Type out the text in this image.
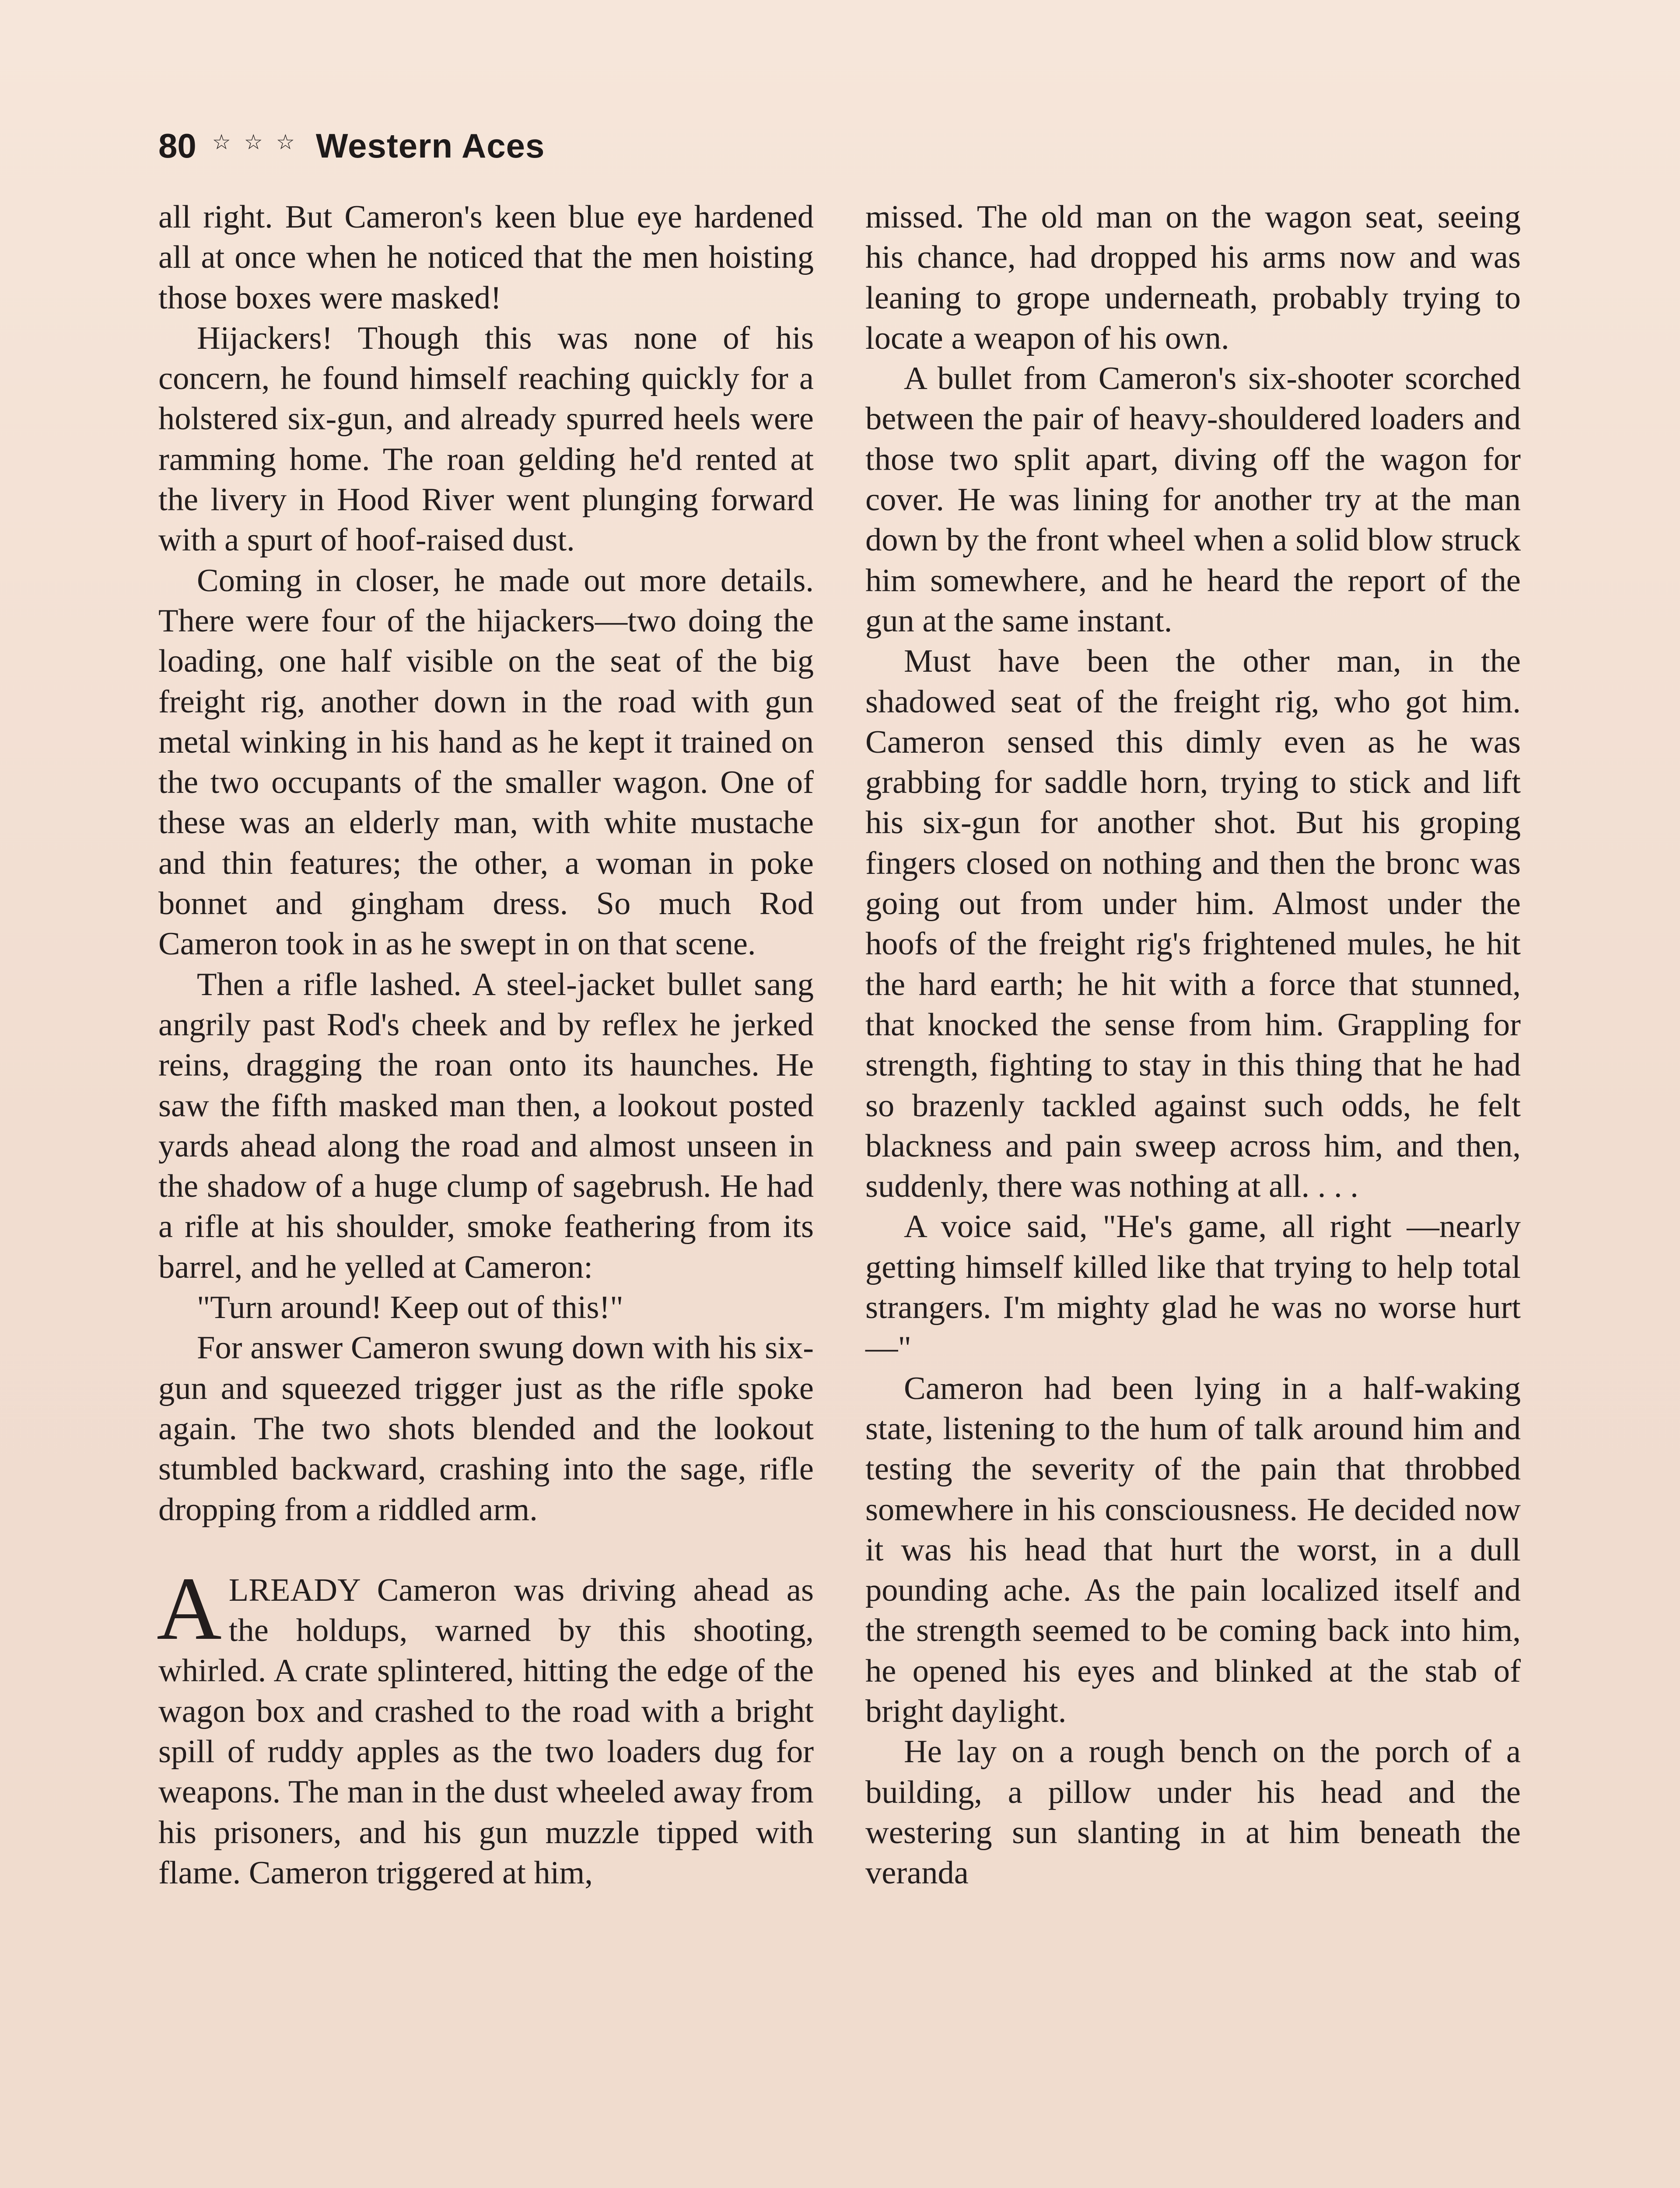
80 ☆ ☆ ☆ Western Aces

all right. But Cameron's keen blue eye hardened all at once when he noticed that the men hoisting those boxes were masked!

Hijackers! Though this was none of his concern, he found himself reaching quickly for a holstered six-gun, and already spurred heels were ramming home. The roan gelding he'd rented at the livery in Hood River went plunging forward with a spurt of hoof-raised dust.

Coming in closer, he made out more details. There were four of the hijackers—two doing the loading, one half visible on the seat of the big freight rig, another down in the road with gun metal winking in his hand as he kept it trained on the two occupants of the smaller wagon. One of these was an elderly man, with white mustache and thin features; the other, a woman in poke bonnet and gingham dress. So much Rod Cameron took in as he swept in on that scene.

Then a rifle lashed. A steel-jacket bullet sang angrily past Rod's cheek and by reflex he jerked reins, dragging the roan onto its haunches. He saw the fifth masked man then, a lookout posted yards ahead along the road and almost unseen in the shadow of a huge clump of sagebrush. He had a rifle at his shoulder, smoke feathering from its barrel, and he yelled at Cameron:

"Turn around! Keep out of this!"

For answer Cameron swung down with his six-gun and squeezed trigger just as the rifle spoke again. The two shots blended and the lookout stumbled backward, crashing into the sage, rifle dropping from a riddled arm.

ALREADY Cameron was driving ahead as the holdups, warned by this shooting, whirled. A crate splintered, hitting the edge of the wagon box and crashed to the road with a bright spill of ruddy apples as the two loaders dug for weapons. The man in the dust wheeled away from his prisoners, and his gun muzzle tipped with flame. Cameron triggered at him,

missed. The old man on the wagon seat, seeing his chance, had dropped his arms now and was leaning to grope underneath, probably trying to locate a weapon of his own.

A bullet from Cameron's six-shooter scorched between the pair of heavy-shouldered loaders and those two split apart, diving off the wagon for cover. He was lining for another try at the man down by the front wheel when a solid blow struck him somewhere, and he heard the report of the gun at the same instant.

Must have been the other man, in the shadowed seat of the freight rig, who got him. Cameron sensed this dimly even as he was grabbing for saddle horn, trying to stick and lift his six-gun for another shot. But his groping fingers closed on nothing and then the bronc was going out from under him. Almost under the hoofs of the freight rig's frightened mules, he hit the hard earth; he hit with a force that stunned, that knocked the sense from him. Grappling for strength, fighting to stay in this thing that he had so brazenly tackled against such odds, he felt blackness and pain sweep across him, and then, suddenly, there was nothing at all. . . .

A voice said, "He's game, all right —nearly getting himself killed like that trying to help total strangers. I'm mighty glad he was no worse hurt—"

Cameron had been lying in a half-waking state, listening to the hum of talk around him and testing the severity of the pain that throbbed somewhere in his consciousness. He decided now it was his head that hurt the worst, in a dull pounding ache. As the pain localized itself and the strength seemed to be coming back into him, he opened his eyes and blinked at the stab of bright daylight.

He lay on a rough bench on the porch of a building, a pillow under his head and the westering sun slanting in at him beneath the veranda
